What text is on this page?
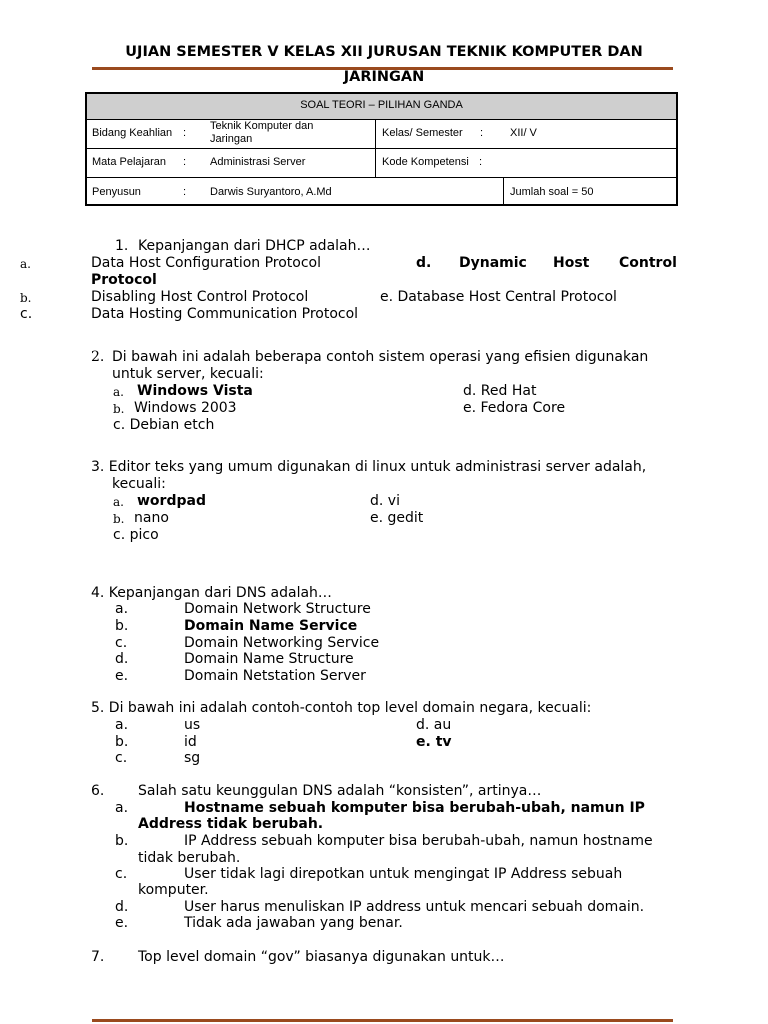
UJIAN SEMESTER V KELAS XII JURUSAN TEKNIK KOMPUTER DAN
JARINGAN
SOAL TEORI – PILIHAN GANDA
Bidang Keahlian :
Teknik Komputer dan
Jaringan	Kelas/ Semester : XII/ V
Mata Pelajaran : Administrasi Server	Kode Kompetensi :
Penyusun	: Darwis Suryantoro, A.Md	Jumlah soal = 50
1. Kepanjangan dari DHCP adalah…
a.	Data Host Configuration Protocol	d. Dynamic Host Control
Protocol
b.	Disabling Host Control Protocol	e. Database Host Central Protocol
c.	Data Hosting Communication Protocol
2. Di bawah ini adalah beberapa contoh sistem operasi yang efisien digunakan
untuk server, kecuali:
a. Windows Vista	d. Red Hat
b. Windows 2003	e. Fedora Core
c. Debian etch
3. Editor teks yang umum digunakan di linux untuk administrasi server adalah,
kecuali:
a. wordpad	d. vi
b. nano	e. gedit
c. pico
4. Kepanjangan dari DNS adalah…
a.	Domain Network Structure
b.	Domain Name Service
c.	Domain Networking Service
d.	Domain Name Structure
e.	Domain Netstation Server
5. Di bawah ini adalah contoh-contoh top level domain negara, kecuali:
a.	us	d. au
b.	id	e. tv
c.	sg
6. Salah satu keunggulan DNS adalah “konsisten”, artinya…
a.	Hostname sebuah komputer bisa berubah-ubah, namun IP
Address tidak berubah.
b.	IP Address sebuah komputer bisa berubah-ubah, namun hostname
tidak berubah.
c.	User tidak lagi direpotkan untuk mengingat IP Address sebuah
komputer.
d.	User harus menuliskan IP address untuk mencari sebuah domain.
e.	Tidak ada jawaban yang benar.
7. Top level domain “gov” biasanya digunakan untuk…
